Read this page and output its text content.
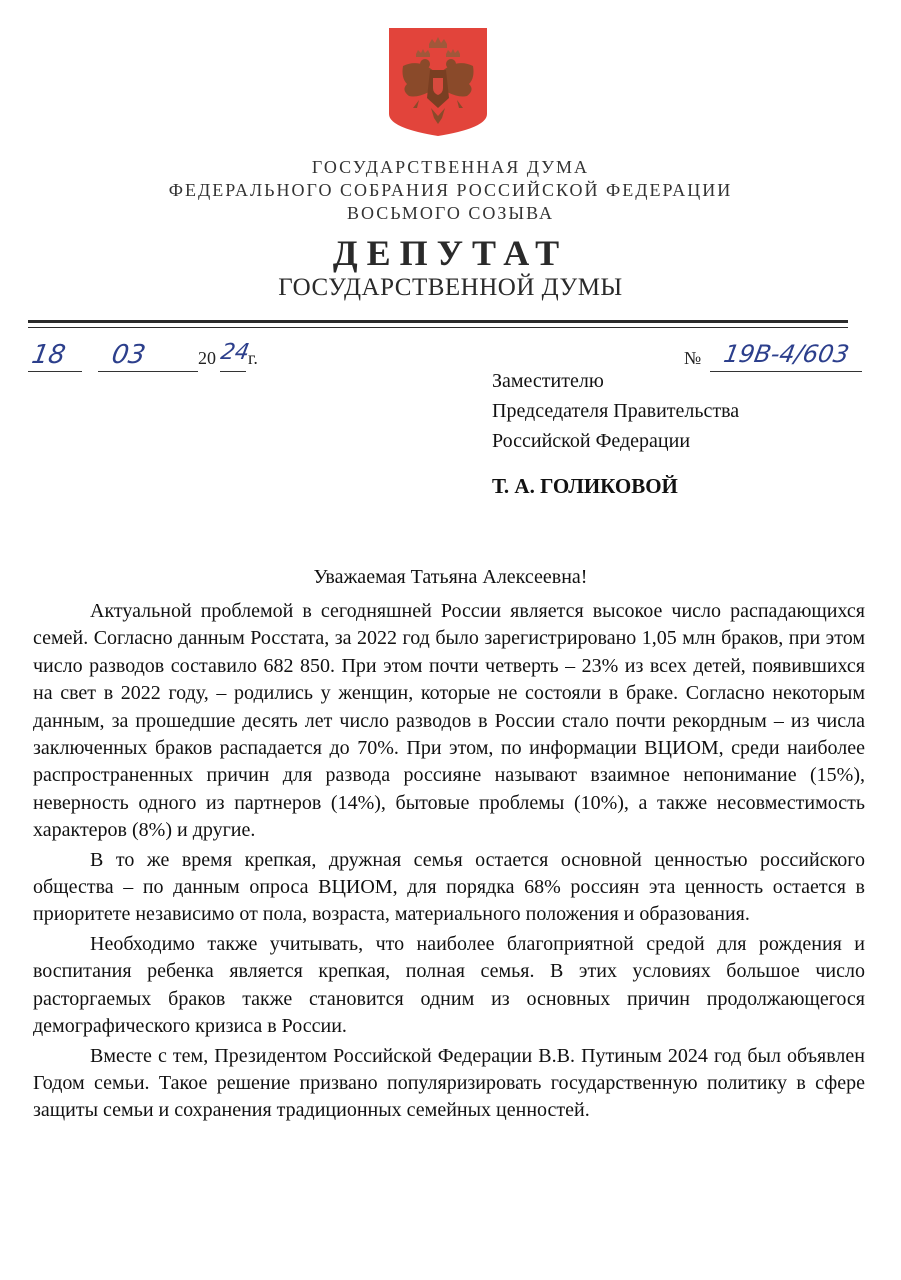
ГОСУДАРСТВЕННАЯ ДУМА
ФЕДЕРАЛЬНОГО СОБРАНИЯ РОССИЙСКОЙ ФЕДЕРАЦИИ
ВОСЬМОГО СОЗЫВА
ДЕПУТАТ
ГОСУДАРСТВЕННОЙ ДУМЫ
18 03	20 24
г.	№ 19В-4/603
Заместителю
Председателя Правительства
Российской Федерации
Т. А. ГОЛИКОВОЙ
Уважаемая Татьяна Алексеевна!

Актуальной проблемой в сегодняшней России является высокое число распадающихся семей. Согласно данным Росстата, за 2022 год было зарегистрировано 1,05 млн браков, при этом число разводов составило 682 850. При этом почти четверть – 23% из всех детей, появившихся на свет в 2022 году, – родились у женщин, которые не состояли в браке. Согласно некоторым данным, за прошедшие десять лет число разводов в России стало почти рекордным – из числа заключенных браков распадается до 70%. При этом, по информации ВЦИОМ, среди наиболее распространенных причин для развода россияне называют взаимное непонимание (15%), неверность одного из партнеров (14%), бытовые проблемы (10%), а также несовместимость характеров (8%) и другие.

В то же время крепкая, дружная семья остается основной ценностью российского общества – по данным опроса ВЦИОМ, для порядка 68% россиян эта ценность остается в приоритете независимо от пола, возраста, материального положения и образования.

Необходимо также учитывать, что наиболее благоприятной средой для рождения и воспитания ребенка является крепкая, полная семья. В этих условиях большое число расторгаемых браков также становится одним из основных причин продолжающегося демографического кризиса в России.

Вместе с тем, Президентом Российской Федерации В.В. Путиным 2024 год был объявлен Годом семьи. Такое решение призвано популяризировать государственную политику в сфере защиты семьи и сохранения традиционных семейных ценностей.
